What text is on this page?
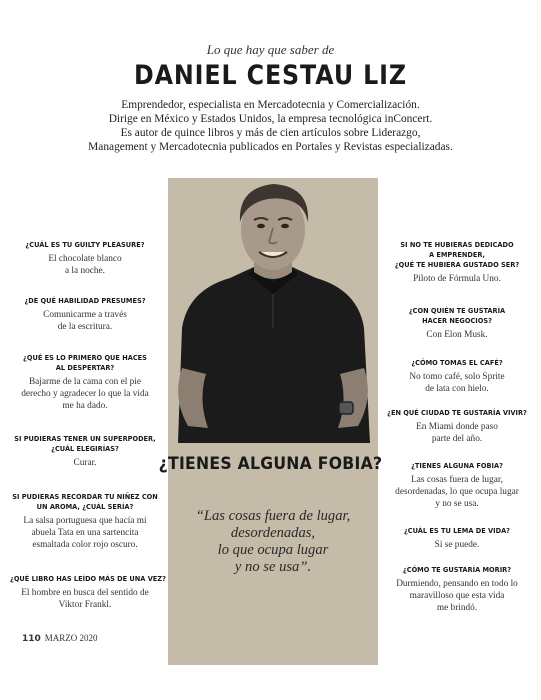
Lo que hay que saber de
DANIEL CESTAU LIZ
Emprendedor, especialista en Mercadotecnia y Comercialización.
Dirige en México y Estados Unidos, la empresa tecnológica inConcert.
Es autor de quince libros y más de cien artículos sobre Liderazgo,
Management y Mercadotecnia publicados en Portales y Revistas especializadas.
“Las cosas fuera de lugar,
desordenadas,
lo que ocupa lugar
y no se usa”.
¿TIENES ALGUNA FOBIA?
¿CUÁL ES TU GUILTY PLEASURE?
El chocolate blanco
a la noche.
¿DE QUÉ HABILIDAD PRESUMES?
Comunicarme a través
de la escritura.
¿QUÉ ES LO PRIMERO QUE HACES
AL DESPERTAR?
Bajarme de la cama con el pie
derecho y agradecer lo que la vida
me ha dado.
SI PUDIERAS TENER UN SUPERPODER,
¿CUÁL ELEGIRÍAS?
Curar.
SI PUDIERAS RECORDAR TU NIÑEZ CON
UN AROMA, ¿CUÁL SERÍA?
La salsa portuguesa que hacía mi
abuela Tata en una sartencita
esmaltada color rojo oscuro.
¿QUÉ LIBRO HAS LEÍDO MÁS DE UNA VEZ?
El hombre en busca del sentido de
Viktor Frankl.
SI NO TE HUBIERAS DEDICADO
A EMPRENDER,
¿QUÉ TE HUBIERA GUSTADO SER?
Piloto de Fórmula Uno.
¿CON QUIÉN TE GUSTARÍA
HACER NEGOCIOS?
Con Elon Musk.
¿CÓMO TOMAS EL CAFÉ?
No tomo café, solo Sprite
de lata con hielo.
¿EN QUÉ CIUDAD TE GUSTARÍA VIVIR?
En Miami donde paso
parte del año.
¿TIENES ALGUNA FOBIA?
Las cosas fuera de lugar,
desordenadas, lo que ocupa lugar
y no se usa.
¿CUÁL ES TU LEMA DE VIDA?
Si se puede.
¿CÓMO TE GUSTARÍA MORIR?
Durmiendo, pensando en todo lo
maravilloso que esta vida
me brindó.
110 MARZO 2020
